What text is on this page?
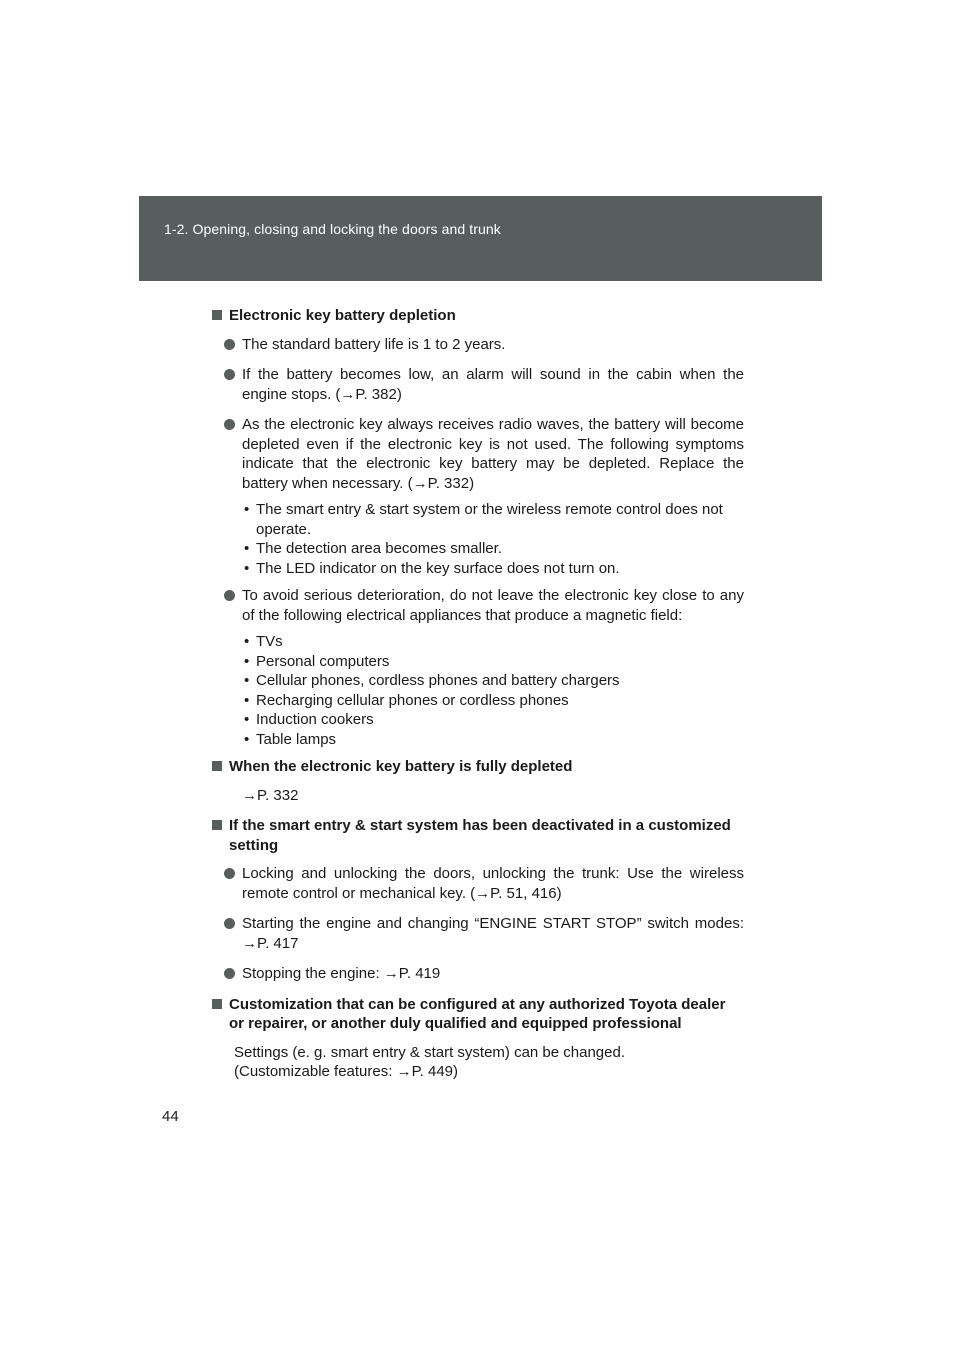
1-2. Opening, closing and locking the doors and trunk
Electronic key battery depletion
The standard battery life is 1 to 2 years.
If the battery becomes low, an alarm will sound in the cabin when the engine stops. (→P. 382)
As the electronic key always receives radio waves, the battery will become depleted even if the electronic key is not used. The following symptoms indicate that the electronic key battery may be depleted. Replace the battery when necessary. (→P. 332)
• The smart entry & start system or the wireless remote control does not operate.
• The detection area becomes smaller.
• The LED indicator on the key surface does not turn on.
To avoid serious deterioration, do not leave the electronic key close to any of the following electrical appliances that produce a magnetic field:
• TVs
• Personal computers
• Cellular phones, cordless phones and battery chargers
• Recharging cellular phones or cordless phones
• Induction cookers
• Table lamps
When the electronic key battery is fully depleted
→P. 332
If the smart entry & start system has been deactivated in a customized setting
Locking and unlocking the doors, unlocking the trunk: Use the wireless remote control or mechanical key. (→P. 51, 416)
Starting the engine and changing “ENGINE START STOP” switch modes: →P. 417
Stopping the engine: →P. 419
Customization that can be configured at any authorized Toyota dealer or repairer, or another duly qualified and equipped professional
Settings (e. g. smart entry & start system) can be changed.
(Customizable features: →P. 449)
44
